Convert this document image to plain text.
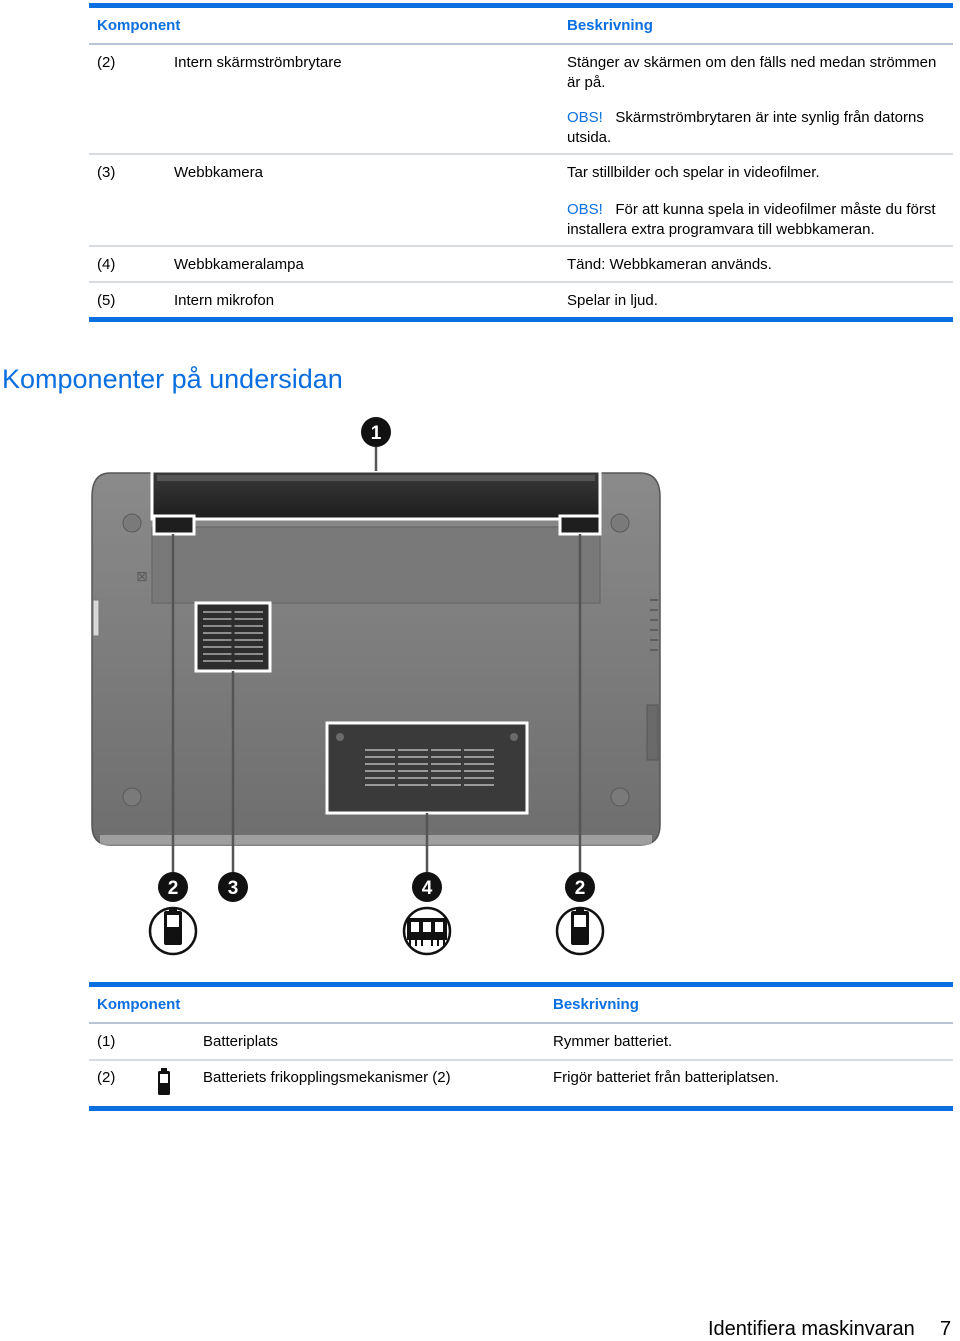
Komponent	Beskrivning
(2)	Intern skärmströmbrytare	Stänger av skärmen om den fälls ned medan strömmen är på.
OBS! Skärmströmbrytaren är inte synlig från datorns utsida.
(3)	Webbkamera	Tar stillbilder och spelar in videofilmer.
OBS! För att kunna spela in videofilmer måste du först installera extra programvara till webbkameran.
(4)	Webbkameralampa	Tänd: Webbkameran används.
(5)	Intern mikrofon	Spelar in ljud.
Komponenter på undersidan
⊠
1
2	3	4	2
Komponent	Beskrivning
(1)	Batteriplats	Rymmer batteriet.
(2)	Batteriets frikopplingsmekanismer (2)	Frigör batteriet från batteriplatsen.
Identifiera maskinvaran 7
